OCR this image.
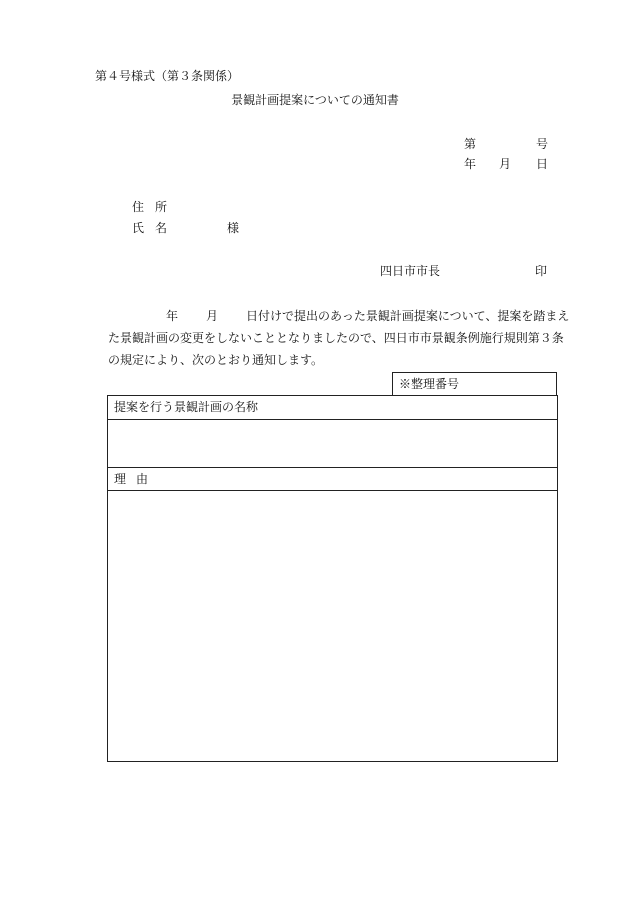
第４号様式（第３条関係）
景観計画提案についての通知書
第	号
年 月 日
住所
氏名	様
四日市市長	印
年 月 日付けで提出のあった景観計画提案について、提案を踏まえた景観計画の変更をしないこととなりましたので、四日市市景観条例施行規則第３条の規定により、次のとおり通知します。
※整理番号
提案を行う景観計画の名称
理由
